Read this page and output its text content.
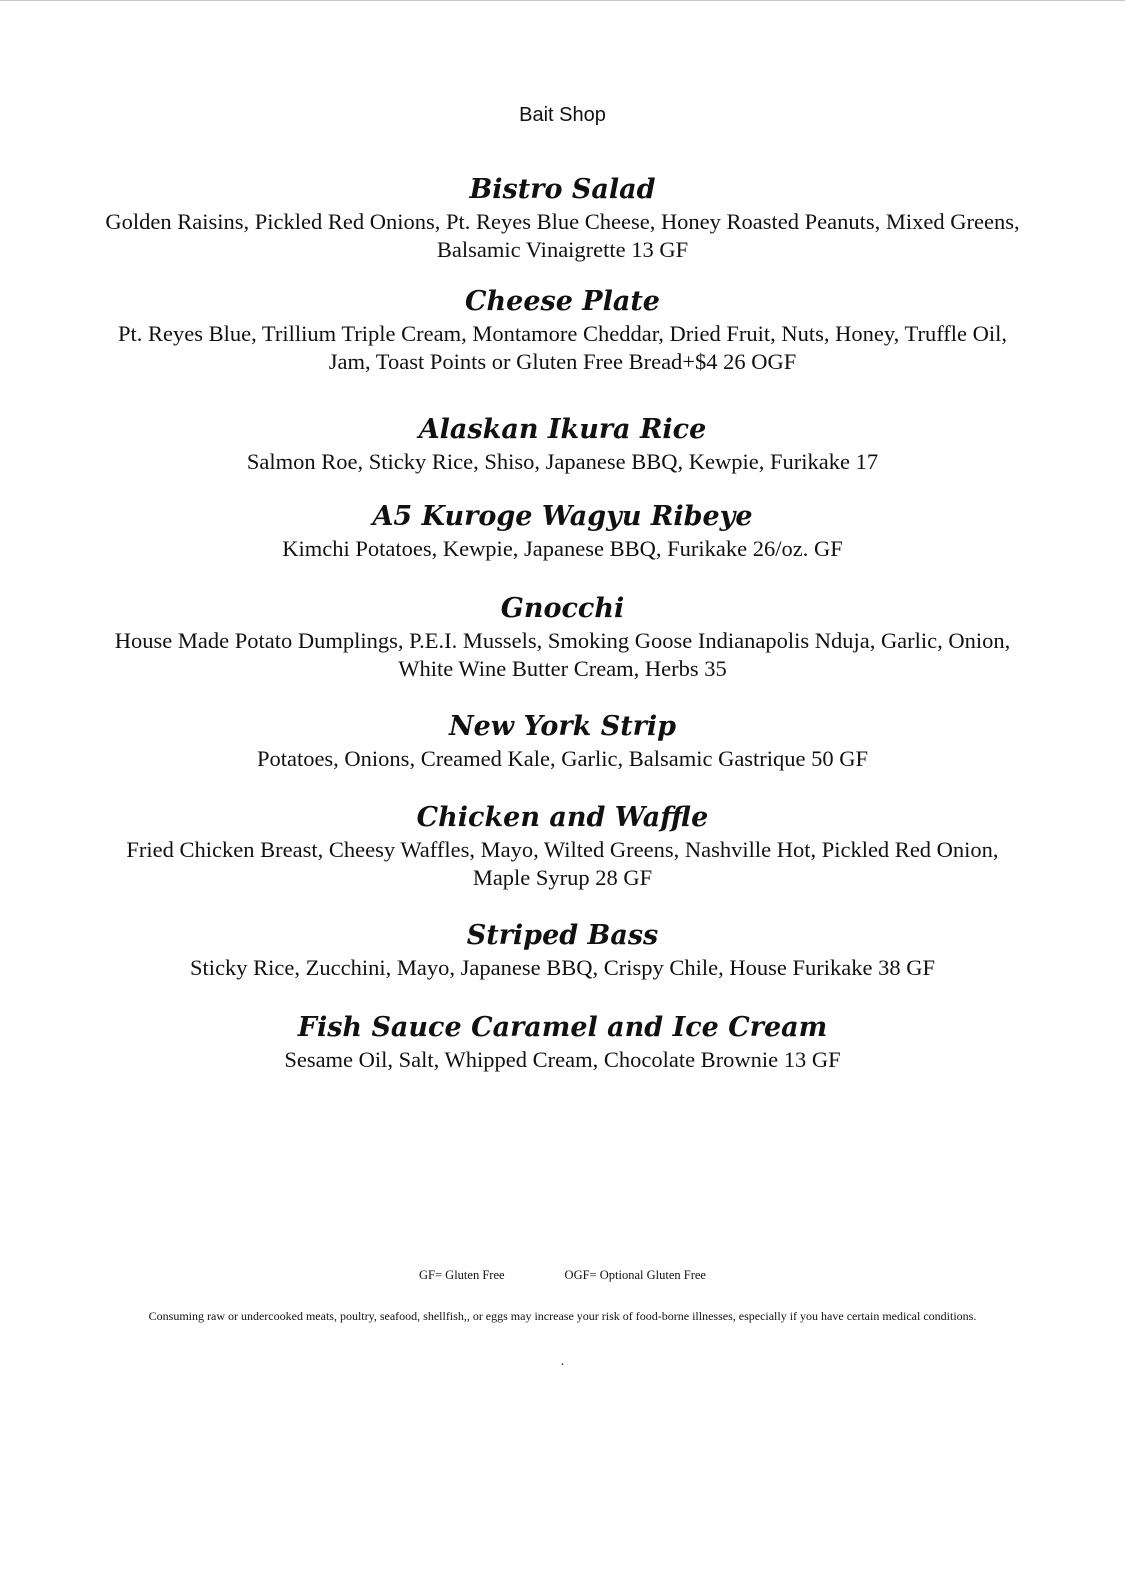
Bait Shop

Bistro Salad

Golden Raisins, Pickled Red Onions, Pt. Reyes Blue Cheese, Honey Roasted Peanuts, Mixed Greens, Balsamic Vinaigrette 13 GF

Cheese Plate

Pt. Reyes Blue, Trillium Triple Cream, Montamore Cheddar, Dried Fruit, Nuts, Honey, Truffle Oil, Jam, Toast Points or Gluten Free Bread+$4 26 OGF

Alaskan Ikura Rice

Salmon Roe, Sticky Rice, Shiso, Japanese BBQ, Kewpie, Furikake 17

A5 Kuroge Wagyu Ribeye

Kimchi Potatoes, Kewpie, Japanese BBQ, Furikake 26/oz. GF

Gnocchi

House Made Potato Dumplings, P.E.I. Mussels, Smoking Goose Indianapolis Nduja, Garlic, Onion, White Wine Butter Cream, Herbs 35

New York Strip

Potatoes, Onions, Creamed Kale, Garlic, Balsamic Gastrique 50 GF

Chicken and Waffle

Fried Chicken Breast, Cheesy Waffles, Mayo, Wilted Greens, Nashville Hot, Pickled Red Onion, Maple Syrup 28 GF

Striped Bass

Sticky Rice, Zucchini, Mayo, Japanese BBQ, Crispy Chile, House Furikake 38 GF

Fish Sauce Caramel and Ice Cream

Sesame Oil, Salt, Whipped Cream, Chocolate Brownie 13 GF

GF= Gluten Free	OGF= Optional Gluten Free
Consuming raw or undercooked meats, poultry, seafood, shellfish,, or eggs may increase your risk of food-borne illnesses, especially if you have certain medical conditions.
.
